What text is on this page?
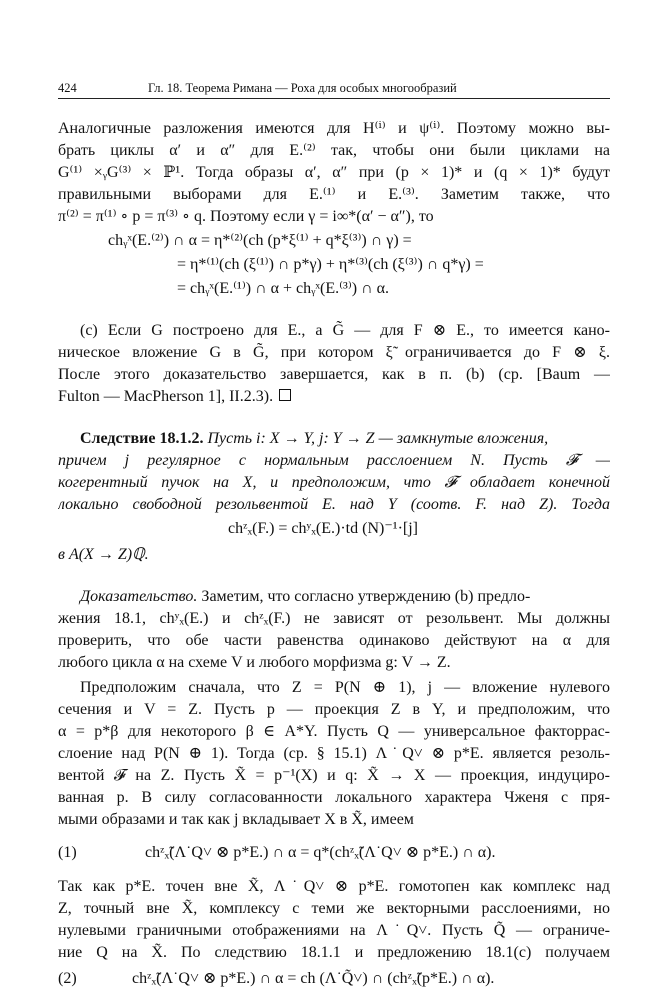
424	Гл. 18. Теорема Римана — Роха для особых многообразий
Аналогичные разложения имеются для H⁽ⁱ⁾ и ψ⁽ⁱ⁾. Поэтому можно вы-
брать циклы α′ и α″ для E.⁽²⁾ так, чтобы они были циклами на
G⁽¹⁾ ×ᵧG⁽³⁾ × ℙ¹. Тогда образы α′, α″ при (p × 1)* и (q × 1)* будут
правильными выборами для E.⁽¹⁾ и E.⁽³⁾. Заметим также, что
π⁽²⁾ = π⁽¹⁾ ∘ p = π⁽³⁾ ∘ q. Поэтому если γ = i∞*(α′ − α″), то
chᵧˣ(E.⁽²⁾) ∩ α = η*⁽²⁾(ch (p*ξ⁽¹⁾ + q*ξ⁽³⁾) ∩ γ) =
= η*⁽¹⁾(ch (ξ⁽¹⁾) ∩ p*γ) + η*⁽³⁾(ch (ξ⁽³⁾) ∩ q*γ) =
= chᵧˣ(E.⁽¹⁾) ∩ α + chᵧˣ(E.⁽³⁾) ∩ α.
(c) Если G построено для E., а G̃ — для F ⊗ E., то имеется кано-
ническое вложение G в G̃, при котором ξ̃ ограничивается до F ⊗ ξ.
После этого доказательство завершается, как в п. (b) (ср. [Baum —
Fulton — MacPherson 1], II.2.3).
Следствие 18.1.2. Пусть i: X → Y, j: Y → Z — замкнутые вложения,
причем j регулярное с нормальным расслоением N. Пусть 𝓕 —
когерентный пучок на X, и предположим, что 𝓕 обладает конечной
локально свободной резольвентой E. над Y (соотв. F. над Z). Тогда
chᶻₓ(F.) = chʸₓ(E.)·td (N)⁻¹·[j]
в A(X → Z)ℚ.
Доказательство. Заметим, что согласно утверждению (b) предло-
жения 18.1, chʸₓ(E.) и chᶻₓ(F.) не зависят от резольвент. Мы должны
проверить, что обе части равенства одинаково действуют на α для
любого цикла α на схеме V и любого морфизма g: V → Z.
Предположим сначала, что Z = P(N ⊕ 1), j — вложение нулевого
сечения и V = Z. Пусть p — проекция Z в Y, и предположим, что
α = p*β для некоторого β ∈ A*Y. Пусть Q — универсальное факторрас-
слоение над P(N ⊕ 1). Тогда (ср. § 15.1) Λ˙Q˅ ⊗ p*E. является резоль-
вентой 𝓕 на Z. Пусть X̃ = p⁻¹(X) и q: X̃ → X — проекция, индуциро-
ванная p. В силу согласованности локального характера Чженя с пря-
мыми образами и так как j вкладывает X в X̃, имеем
(1)	chᶻₓ̃(Λ˙Q˅ ⊗ p*E.) ∩ α = q*(chᶻₓ̃(Λ˙Q˅ ⊗ p*E.) ∩ α).
Так как p*E. точен вне X̃, Λ˙Q˅ ⊗ p*E. гомотопен как комплекс над
Z, точный вне X̃, комплексу с теми же векторными расслоениями, но
нулевыми граничными отображениями на Λ˙Q˅. Пусть Q̃ — ограниче-
ние Q на X̃. По следствию 18.1.1 и предложению 18.1(c) получаем
(2)	chᶻₓ̃(Λ˙Q˅ ⊗ p*E.) ∩ α = ch (Λ˙Q̃˅) ∩ (chᶻₓ̃(p*E.) ∩ α).
